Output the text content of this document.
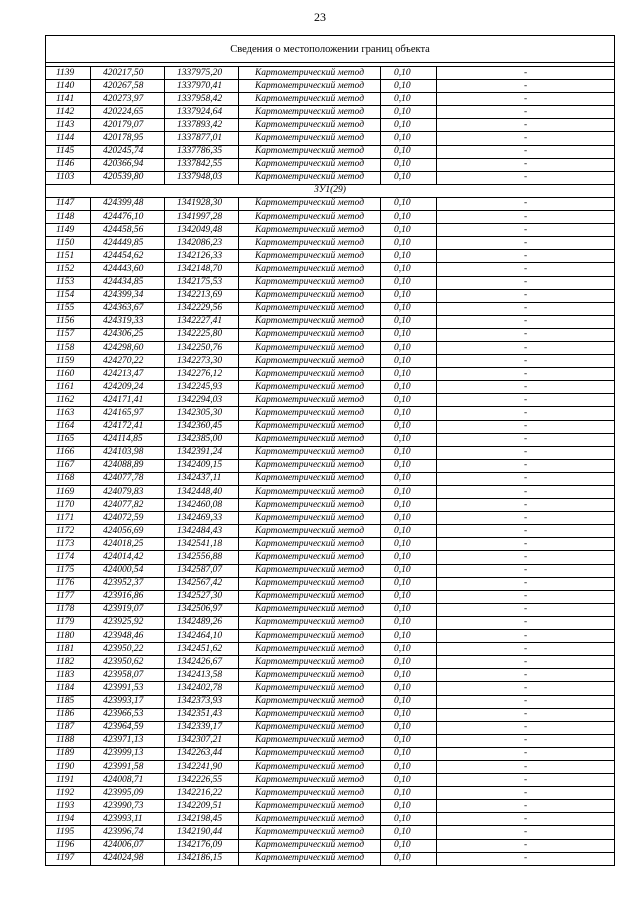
23
Сведения о местоположении границ объекта					

1139	420217,50	1337975,20	Картометрический метод	0,10	-
1140	420267,58	1337970,41	Картометрический метод	0,10	-
1141	420273,97	1337958,42	Картометрический метод	0,10	-
1142	420224,65	1337924,64	Картометрический метод	0,10	-
1143	420179,07	1337893,42	Картометрический метод	0,10	-
1144	420178,95	1337877,01	Картометрический метод	0,10	-
1145	420245,74	1337786,35	Картометрический метод	0,10	-
1146	420366,94	1337842,55	Картометрический метод	0,10	-
1103	420539,80	1337948,03	Картометрический метод	0,10	-
3У1(29)					
1147	424399,48	1341928,30	Картометрический метод	0,10	-
1148	424476,10	1341997,28	Картометрический метод	0,10	-
1149	424458,56	1342049,48	Картометрический метод	0,10	-
1150	424449,85	1342086,23	Картометрический метод	0,10	-
1151	424454,62	1342126,33	Картометрический метод	0,10	-
1152	424443,60	1342148,70	Картометрический метод	0,10	-
1153	424434,85	1342175,53	Картометрический метод	0,10	-
1154	424399,34	1342213,69	Картометрический метод	0,10	-
1155	424363,67	1342229,56	Картометрический метод	0,10	-
1156	424319,33	1342227,41	Картометрический метод	0,10	-
1157	424306,25	1342225,80	Картометрический метод	0,10	-
1158	424298,60	1342250,76	Картометрический метод	0,10	-
1159	424270,22	1342273,30	Картометрический метод	0,10	-
1160	424213,47	1342276,12	Картометрический метод	0,10	-
1161	424209,24	1342245,93	Картометрический метод	0,10	-
1162	424171,41	1342294,03	Картометрический метод	0,10	-
1163	424165,97	1342305,30	Картометрический метод	0,10	-
1164	424172,41	1342360,45	Картометрический метод	0,10	-
1165	424114,85	1342385,00	Картометрический метод	0,10	-
1166	424103,98	1342391,24	Картометрический метод	0,10	-
1167	424088,89	1342409,15	Картометрический метод	0,10	-
1168	424077,78	1342437,11	Картометрический метод	0,10	-
1169	424079,83	1342448,40	Картометрический метод	0,10	-
1170	424077,82	1342460,08	Картометрический метод	0,10	-
1171	424072,59	1342469,33	Картометрический метод	0,10	-
1172	424056,69	1342484,43	Картометрический метод	0,10	-
1173	424018,25	1342541,18	Картометрический метод	0,10	-
1174	424014,42	1342556,88	Картометрический метод	0,10	-
1175	424000,54	1342587,07	Картометрический метод	0,10	-
1176	423952,37	1342567,42	Картометрический метод	0,10	-
1177	423916,86	1342527,30	Картометрический метод	0,10	-
1178	423919,07	1342506,97	Картометрический метод	0,10	-
1179	423925,92	1342489,26	Картометрический метод	0,10	-
1180	423948,46	1342464,10	Картометрический метод	0,10	-
1181	423950,22	1342451,62	Картометрический метод	0,10	-
1182	423950,62	1342426,67	Картометрический метод	0,10	-
1183	423958,07	1342413,58	Картометрический метод	0,10	-
1184	423991,53	1342402,78	Картометрический метод	0,10	-
1185	423993,17	1342373,93	Картометрический метод	0,10	-
1186	423966,53	1342351,43	Картометрический метод	0,10	-
1187	423964,59	1342339,17	Картометрический метод	0,10	-
1188	423971,13	1342307,21	Картометрический метод	0,10	-
1189	423999,13	1342263,44	Картометрический метод	0,10	-
1190	423991,58	1342241,90	Картометрический метод	0,10	-
1191	424008,71	1342226,55	Картометрический метод	0,10	-
1192	423995,09	1342216,22	Картометрический метод	0,10	-
1193	423990,73	1342209,51	Картометрический метод	0,10	-
1194	423993,11	1342198,45	Картометрический метод	0,10	-
1195	423996,74	1342190,44	Картометрический метод	0,10	-
1196	424006,07	1342176,09	Картометрический метод	0,10	-
1197	424024,98	1342186,15	Картометрический метод	0,10	-
